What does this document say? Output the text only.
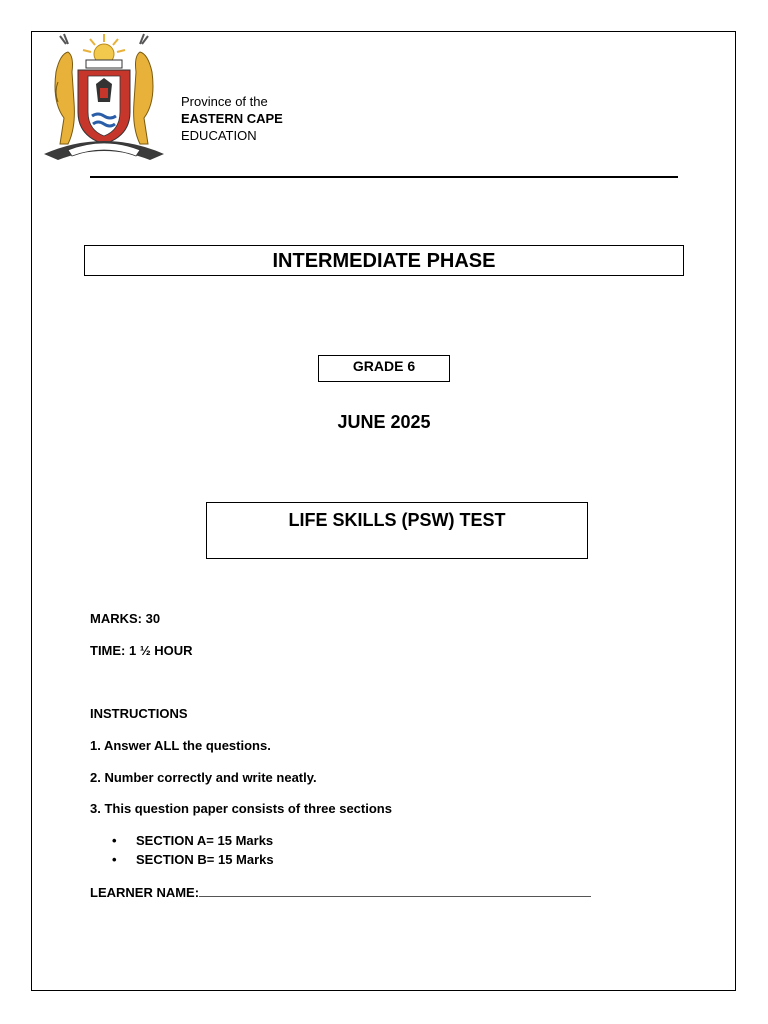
Province of the
EASTERN CAPE
EDUCATION
INTERMEDIATE PHASE
GRADE 6
JUNE 2025
LIFE SKILLS (PSW) TEST
MARKS: 30
TIME: 1 ½ HOUR
INSTRUCTIONS
1. Answer ALL the questions.
2. Number correctly and write neatly.
3. This question paper consists of three sections
• SECTION A= 15 Marks
• SECTION B= 15 Marks
LEARNER NAME:
